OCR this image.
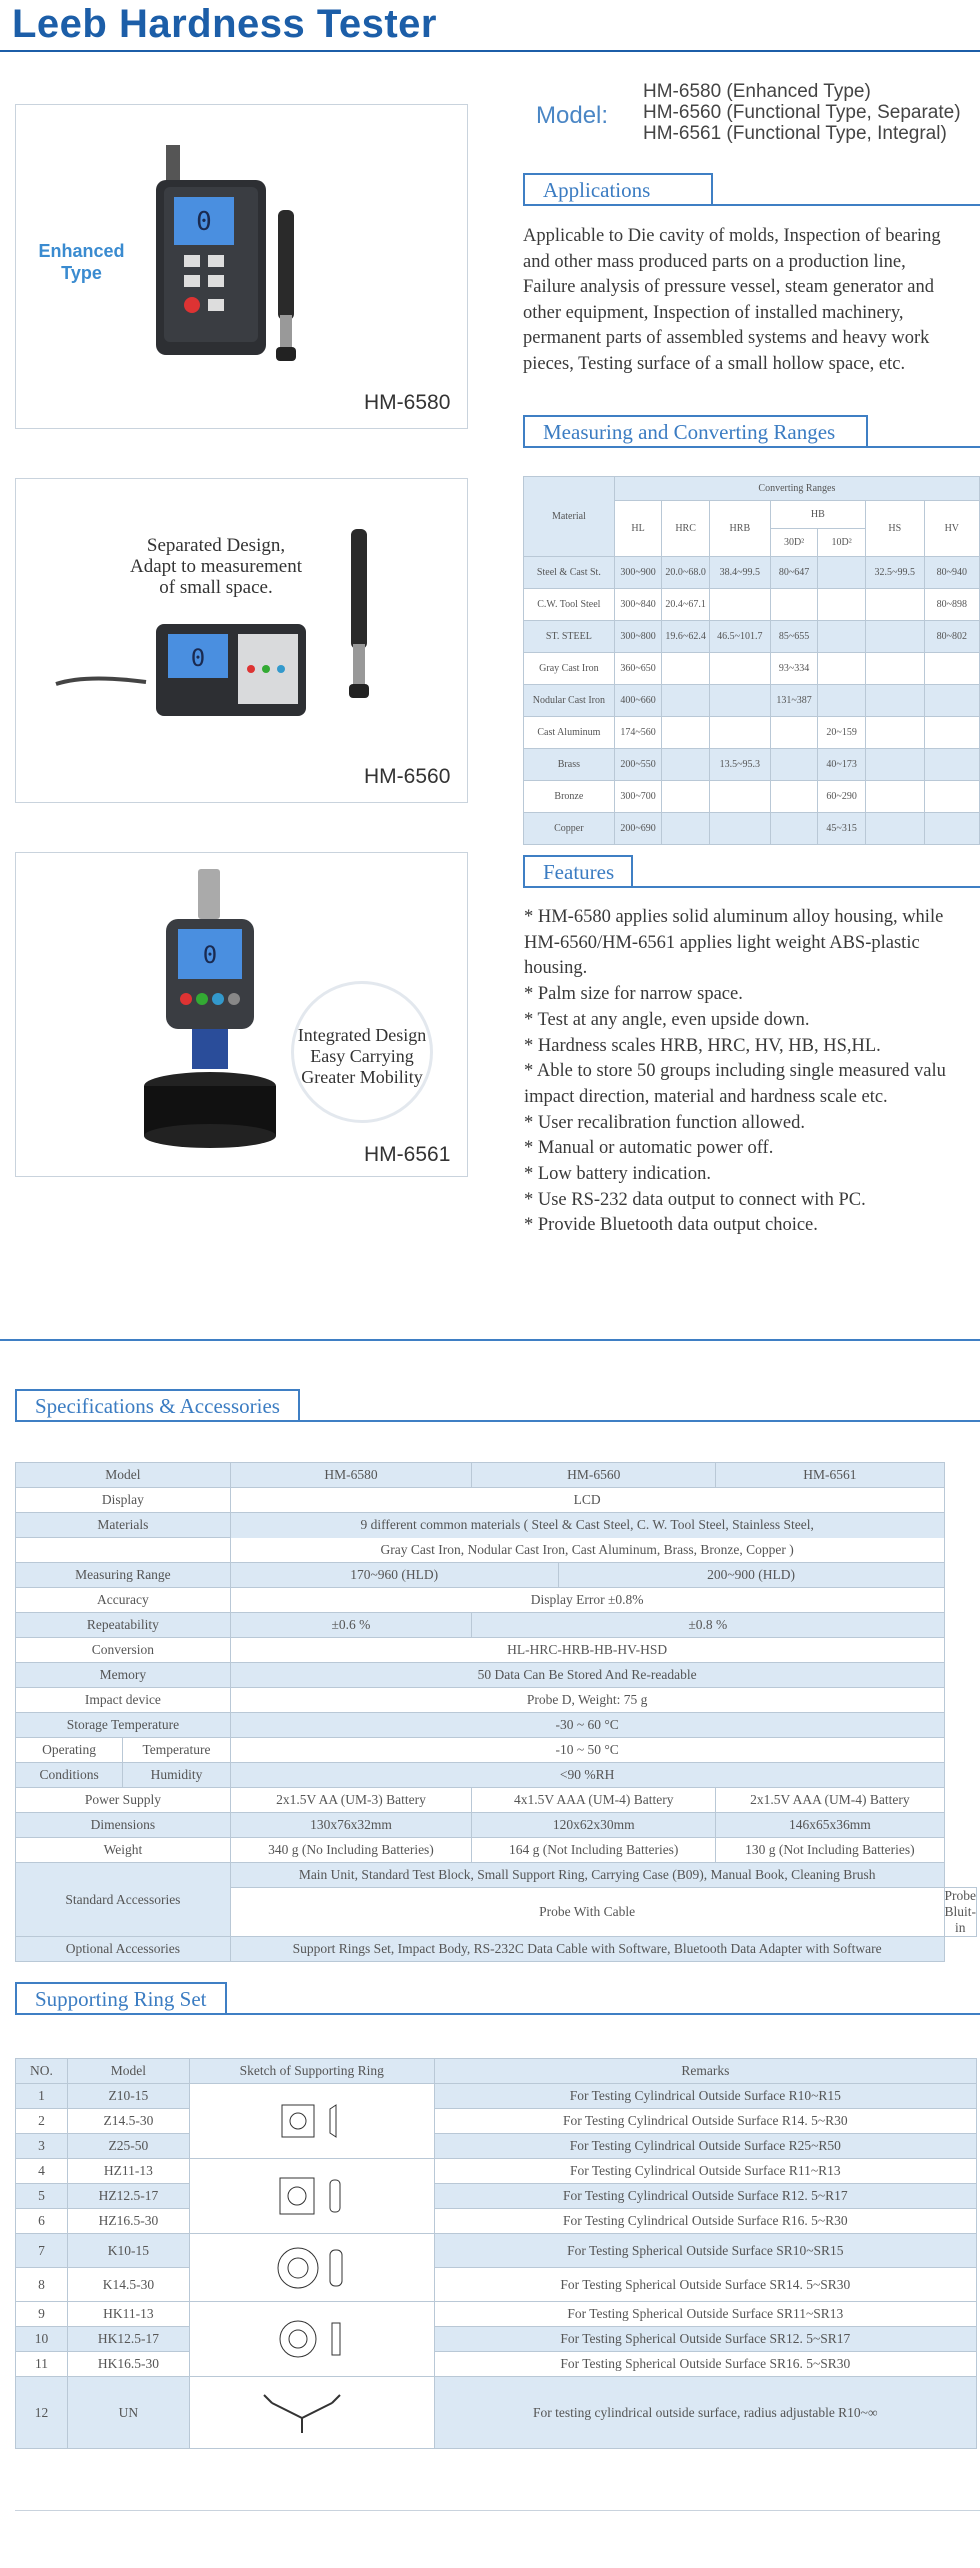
Leeb Hardness Tester
Model:
HM-6580 (Enhanced Type)
HM-6560 (Functional Type, Separate)
HM-6561 (Functional Type, Integral)
Enhanced Type
0
HM-6580
Applications
Applicable to Die cavity of molds, Inspection of bearing
and other mass produced parts on a production line,
Failure analysis of pressure vessel, steam generator and
other equipment, Inspection of installed machinery,
permanent parts of assembled systems and heavy work
pieces, Testing surface of a small hollow space, etc.
Measuring and Converting Ranges
Separated Design,
Adapt to measurement
of small space.
0
HM-6560
Material	Converting Ranges						
	HL	HRC	HRB	HB		HS	HV
				30D²	10D²		
Steel & Cast St.	300~900	20.0~68.0	38.4~99.5	80~647		32.5~99.5	80~940
C.W. Tool Steel	300~840	20.4~67.1					80~898
ST. STEEL	300~800	19.6~62.4	46.5~101.7	85~655			80~802
Gray Cast Iron	360~650			93~334			
Nodular Cast Iron	400~660			131~387			
Cast Aluminum	174~560				20~159		
Brass	200~550		13.5~95.3		40~173		
Bronze	300~700				60~290		
Copper	200~690				45~315		
0
Integrated Design
Easy Carrying
Greater Mobility
HM-6561
Features
* HM-6580 applies solid aluminum alloy housing, while
HM-6560/HM-6561 applies light weight ABS-plastic
housing.
* Palm size for narrow space.
* Test at any angle, even upside down.
* Hardness scales HRB, HRC, HV, HB, HS,HL.
* Able to store 50 groups including single measured valu
impact direction, material and hardness scale etc.
* User recalibration function allowed.
* Manual or automatic power off.
* Low battery indication.
* Use RS-232 data output to connect with PC.
* Provide Bluetooth data output choice.
Specifications & Accessories
Model		HM-6580	HM-6560		HM-6561	
Display		LCD				
Materials		9 different common materials ( Steel & Cast Steel, C. W. Tool Steel, Stainless Steel,				
		Gray Cast Iron, Nodular Cast Iron, Cast Aluminum, Brass, Bronze, Copper )				
Measuring Range		170~960 (HLD)		200~900 (HLD)		
Accuracy		Display Error ±0.8%				
Repeatability		±0.6 %	±0.8 %			
Conversion		HL-HRC-HRB-HB-HV-HSD				
Memory		50 Data Can Be Stored And Re-readable				
Impact device		Probe D, Weight: 75 g				
Storage Temperature		-30 ~ 60 °C				
Operating	Temperature	-10 ~ 50 °C				
Conditions	Humidity	<90 %RH				
Power Supply		2x1.5V AA (UM-3) Battery	4x1.5V AAA (UM-4) Battery		2x1.5V AAA (UM-4) Battery	
Dimensions		130x76x32mm	120x62x30mm		146x65x36mm	
Weight		340 g (No Including Batteries)	164 g (Not Including Batteries)		130 g (Not Including Batteries)	
Standard Accessories		Main Unit, Standard Test Block, Small Support Ring, Carrying Case (B09), Manual Book, Cleaning Brush				
		Probe With Cable				Probe Bluit-in
Optional Accessories		Support Rings Set, Impact Body, RS-232C Data Cable with Software, Bluetooth Data Adapter with Software				
Supporting Ring Set
NO.	Model	Sketch of Supporting Ring	Remarks
1	Z10-15		For Testing Cylindrical Outside Surface R10~R15
2	Z14.5-30		For Testing Cylindrical Outside Surface R14. 5~R30
3	Z25-50		For Testing Cylindrical Outside Surface R25~R50
4	HZ11-13		For Testing Cylindrical Outside Surface R11~R13
5	HZ12.5-17		For Testing Cylindrical Outside Surface R12. 5~R17
6	HZ16.5-30		For Testing Cylindrical Outside Surface R16. 5~R30
7	K10-15		For Testing Spherical Outside Surface SR10~SR15
8	K14.5-30		For Testing Spherical Outside Surface SR14. 5~SR30
9	HK11-13		For Testing Spherical Outside Surface SR11~SR13
10	HK12.5-17		For Testing Spherical Outside Surface SR12. 5~SR17
11	HK16.5-30		For Testing Spherical Outside Surface SR16. 5~SR30
12	UN		For testing cylindrical outside surface, radius adjustable R10~∞
